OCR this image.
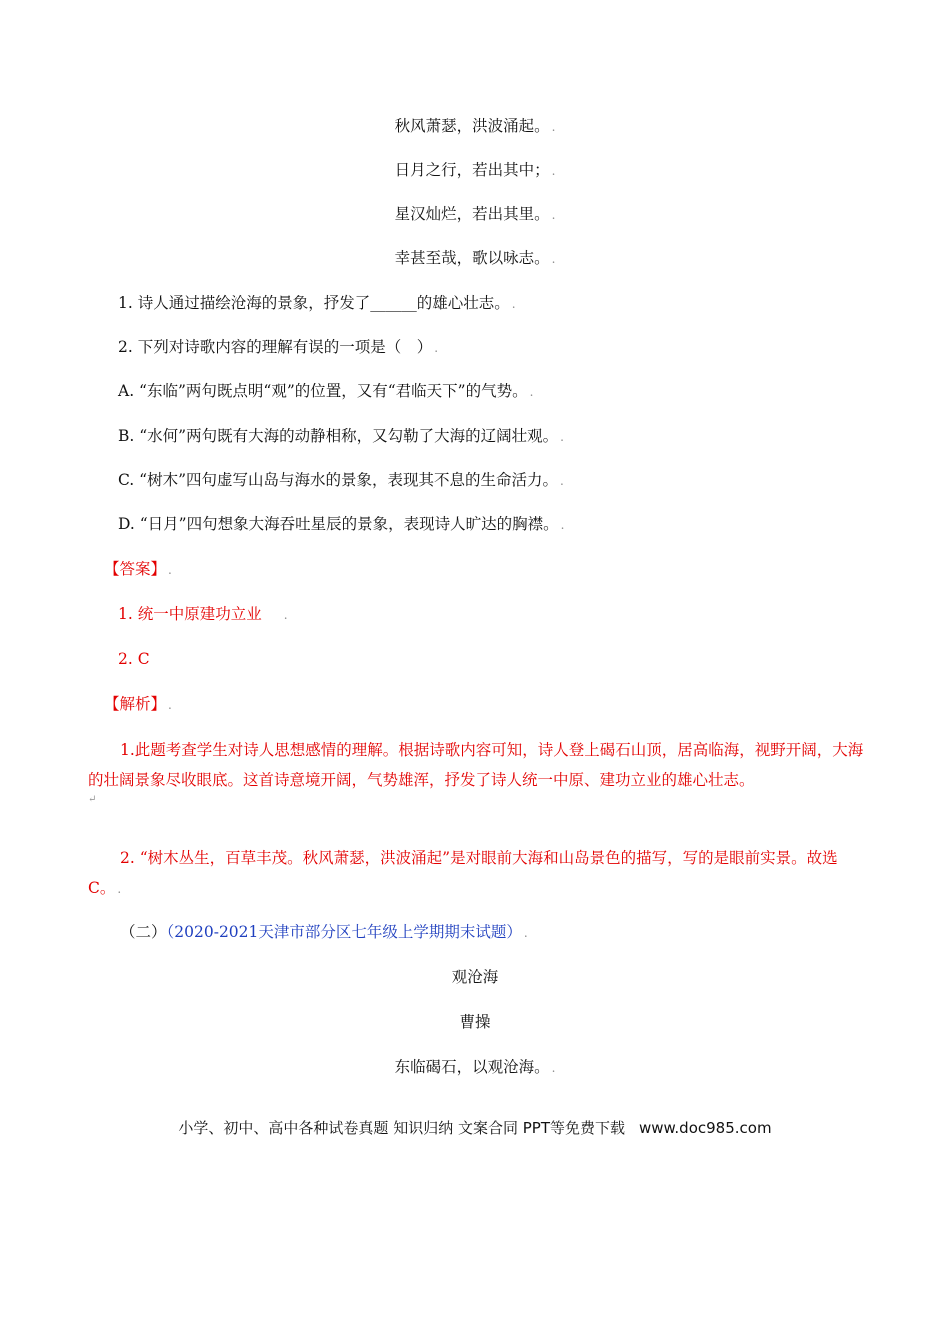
秋风萧瑟，洪波涌起。 .
日月之行，若出其中； .
星汉灿烂，若出其里。 .
幸甚至哉，歌以咏志。 .
1. 诗人通过描绘沧海的景象，抒发了______的雄心壮志。 .
2. 下列对诗歌内容的理解有误的一项是（　） .
A. “东临”两句既点明“观”的位置，又有“君临天下”的气势。 .
B. “水何”两句既有大海的动静相称，又勾勒了大海的辽阔壮观。 .
C. “树木”四句虚写山岛与海水的景象，表现其不息的生命活力。 .
D. “日月”四句想象大海吞吐星辰的景象，表现诗人旷达的胸襟。 .
【答案】 .
1. 统一中原建功立业 .
2. C
【解析】 .
1.此题考查学生对诗人思想感情的理解。根据诗歌内容可知，诗人登上碣石山顶，居高临海，视野开阔，大海的壮阔景象尽收眼底。这首诗意境开阔，气势雄浑，抒发了诗人统一中原、建功立业的雄心壮志。
↵
2. “树木丛生，百草丰茂。秋风萧瑟，洪波涌起”是对眼前大海和山岛景色的描写，写的是眼前实景。故选C。 .
（二）（2020-2021天津市部分区七年级上学期期末试题） .
观沧海
曹操
东临碣石，以观沧海。 .
小学、初中、高中各种试卷真题 知识归纳 文案合同 PPT等免费下载 www.doc985.com
